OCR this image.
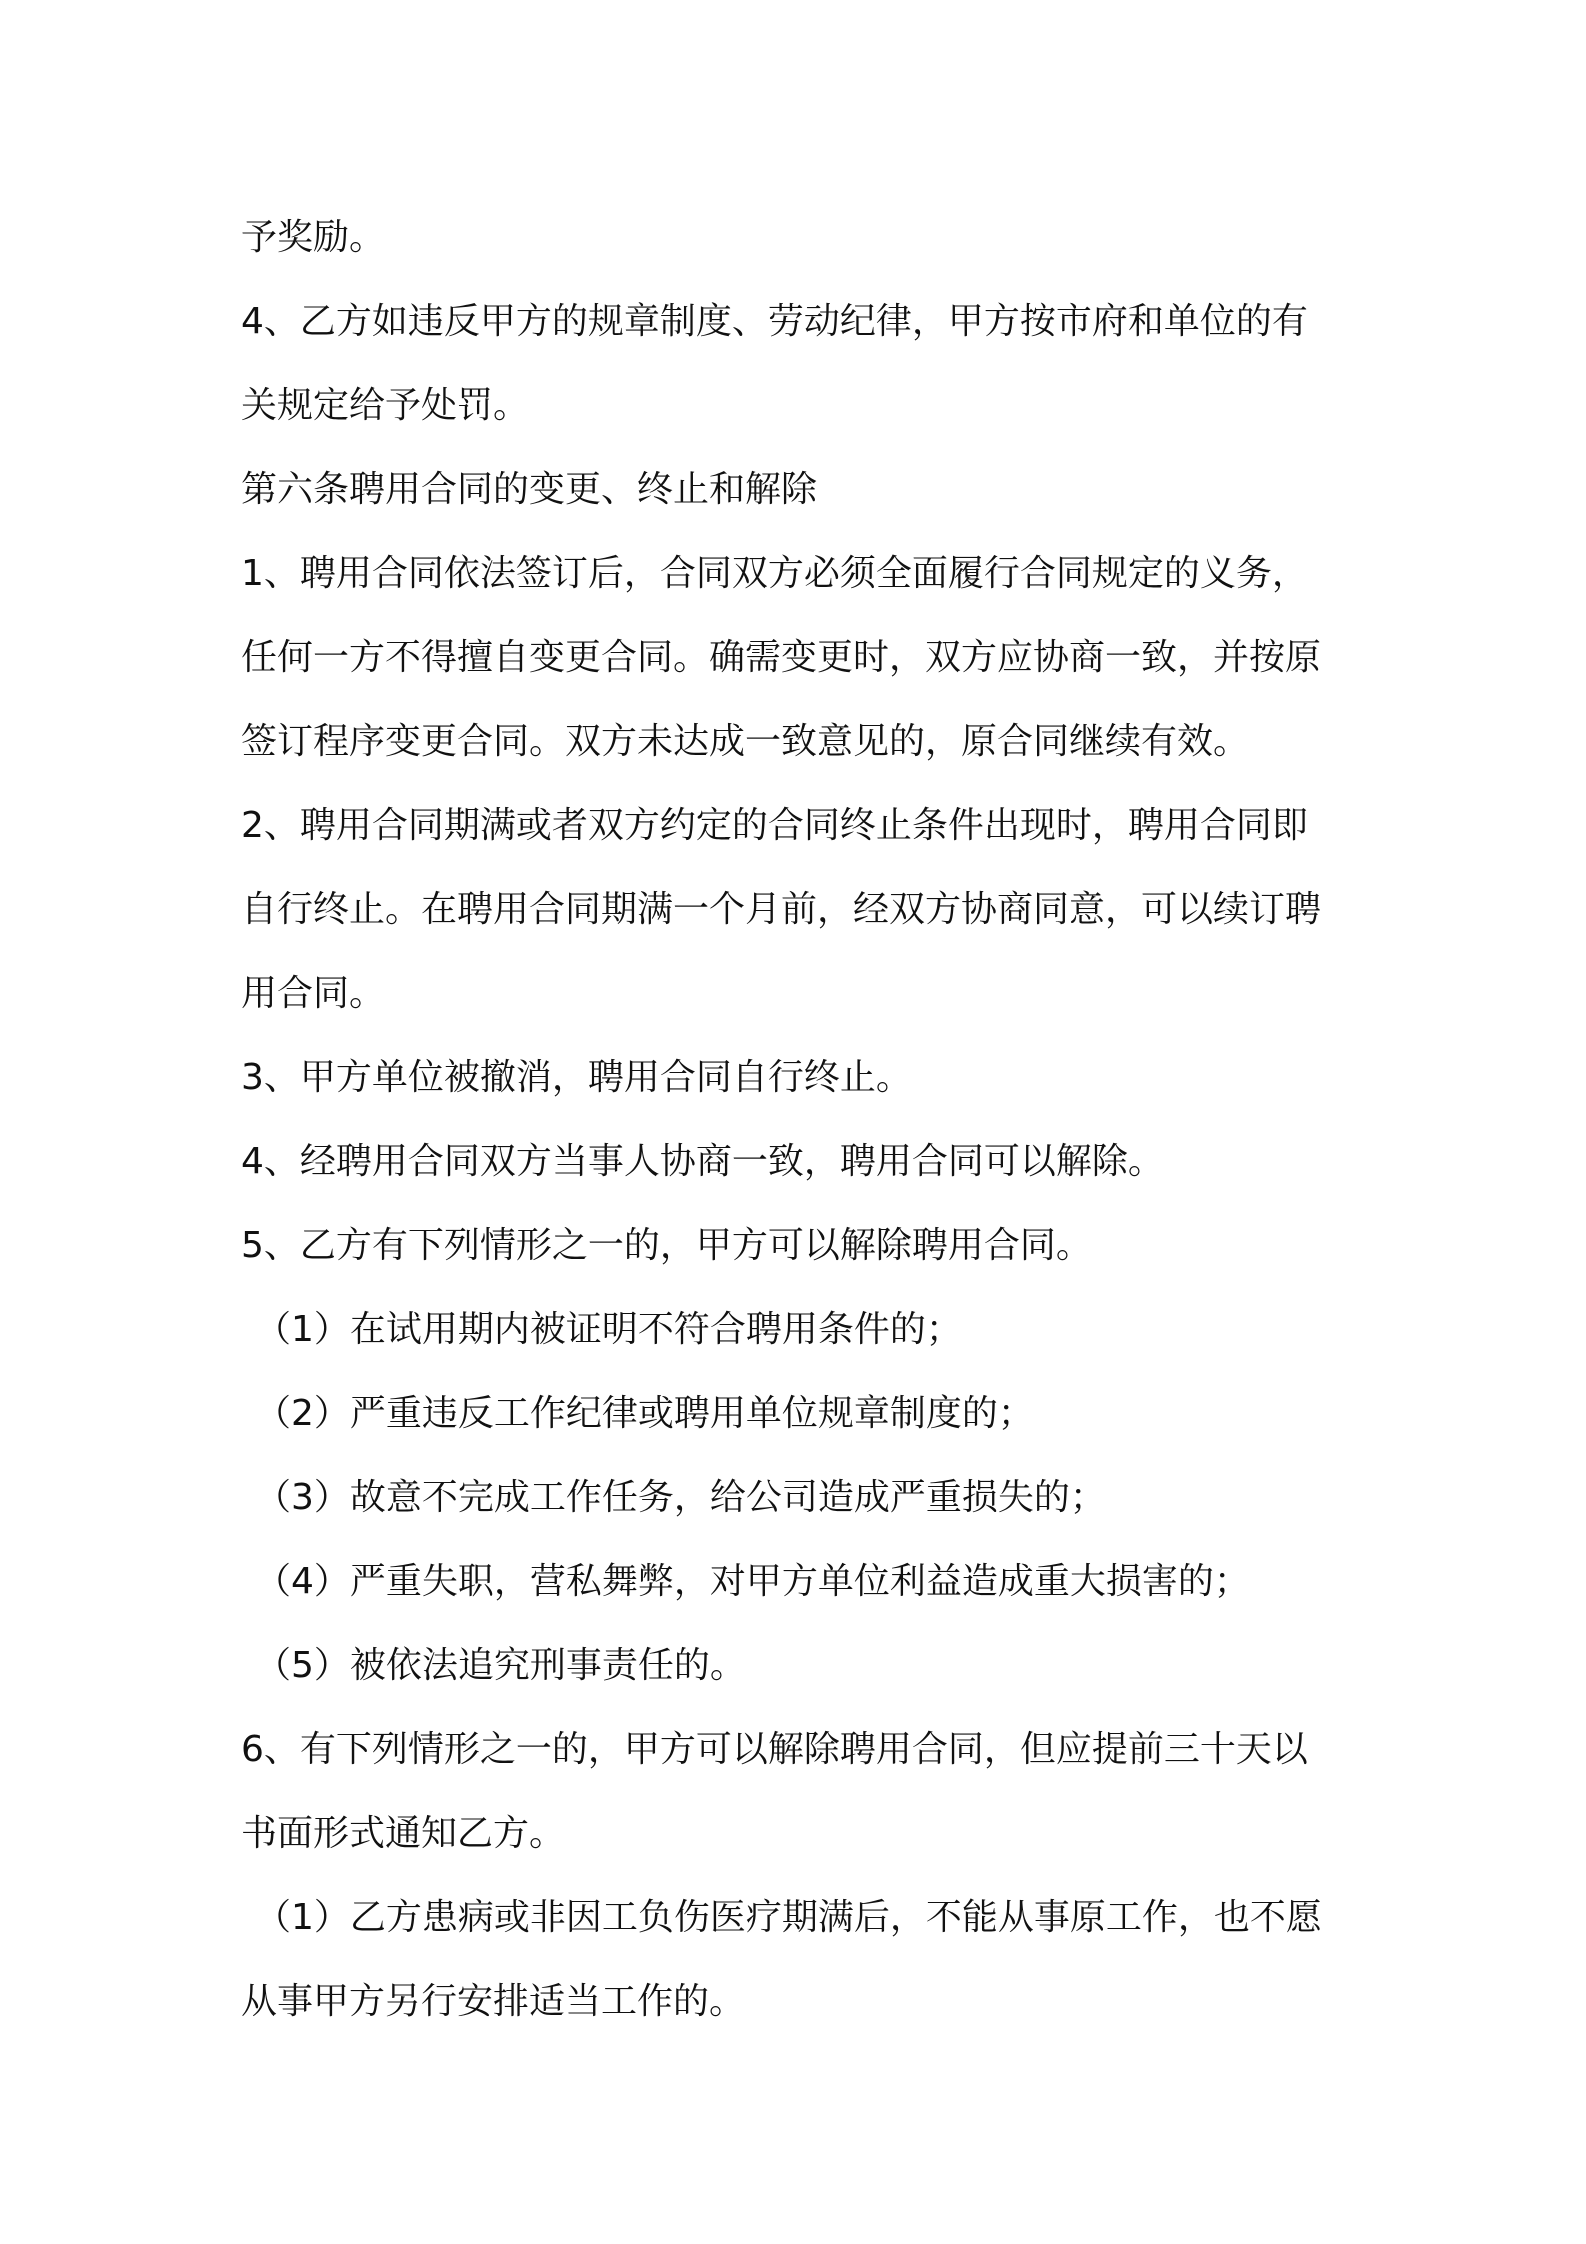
予奖励。

4、乙方如违反甲方的规章制度、劳动纪律，甲方按市府和单位的有

关规定给予处罚。

第六条聘用合同的变更、终止和解除

1、聘用合同依法签订后，合同双方必须全面履行合同规定的义务，

任何一方不得擅自变更合同。确需变更时，双方应协商一致，并按原

签订程序变更合同。双方未达成一致意见的，原合同继续有效。

2、聘用合同期满或者双方约定的合同终止条件出现时，聘用合同即

自行终止。在聘用合同期满一个月前，经双方协商同意，可以续订聘

用合同。

3、甲方单位被撤消，聘用合同自行终止。

4、经聘用合同双方当事人协商一致，聘用合同可以解除。

5、乙方有下列情形之一的，甲方可以解除聘用合同。

（1）在试用期内被证明不符合聘用条件的；

（2）严重违反工作纪律或聘用单位规章制度的；

（3）故意不完成工作任务，给公司造成严重损失的；

（4）严重失职，营私舞弊，对甲方单位利益造成重大损害的；

（5）被依法追究刑事责任的。

6、有下列情形之一的，甲方可以解除聘用合同，但应提前三十天以

书面形式通知乙方。

（1）乙方患病或非因工负伤医疗期满后，不能从事原工作，也不愿

从事甲方另行安排适当工作的。
